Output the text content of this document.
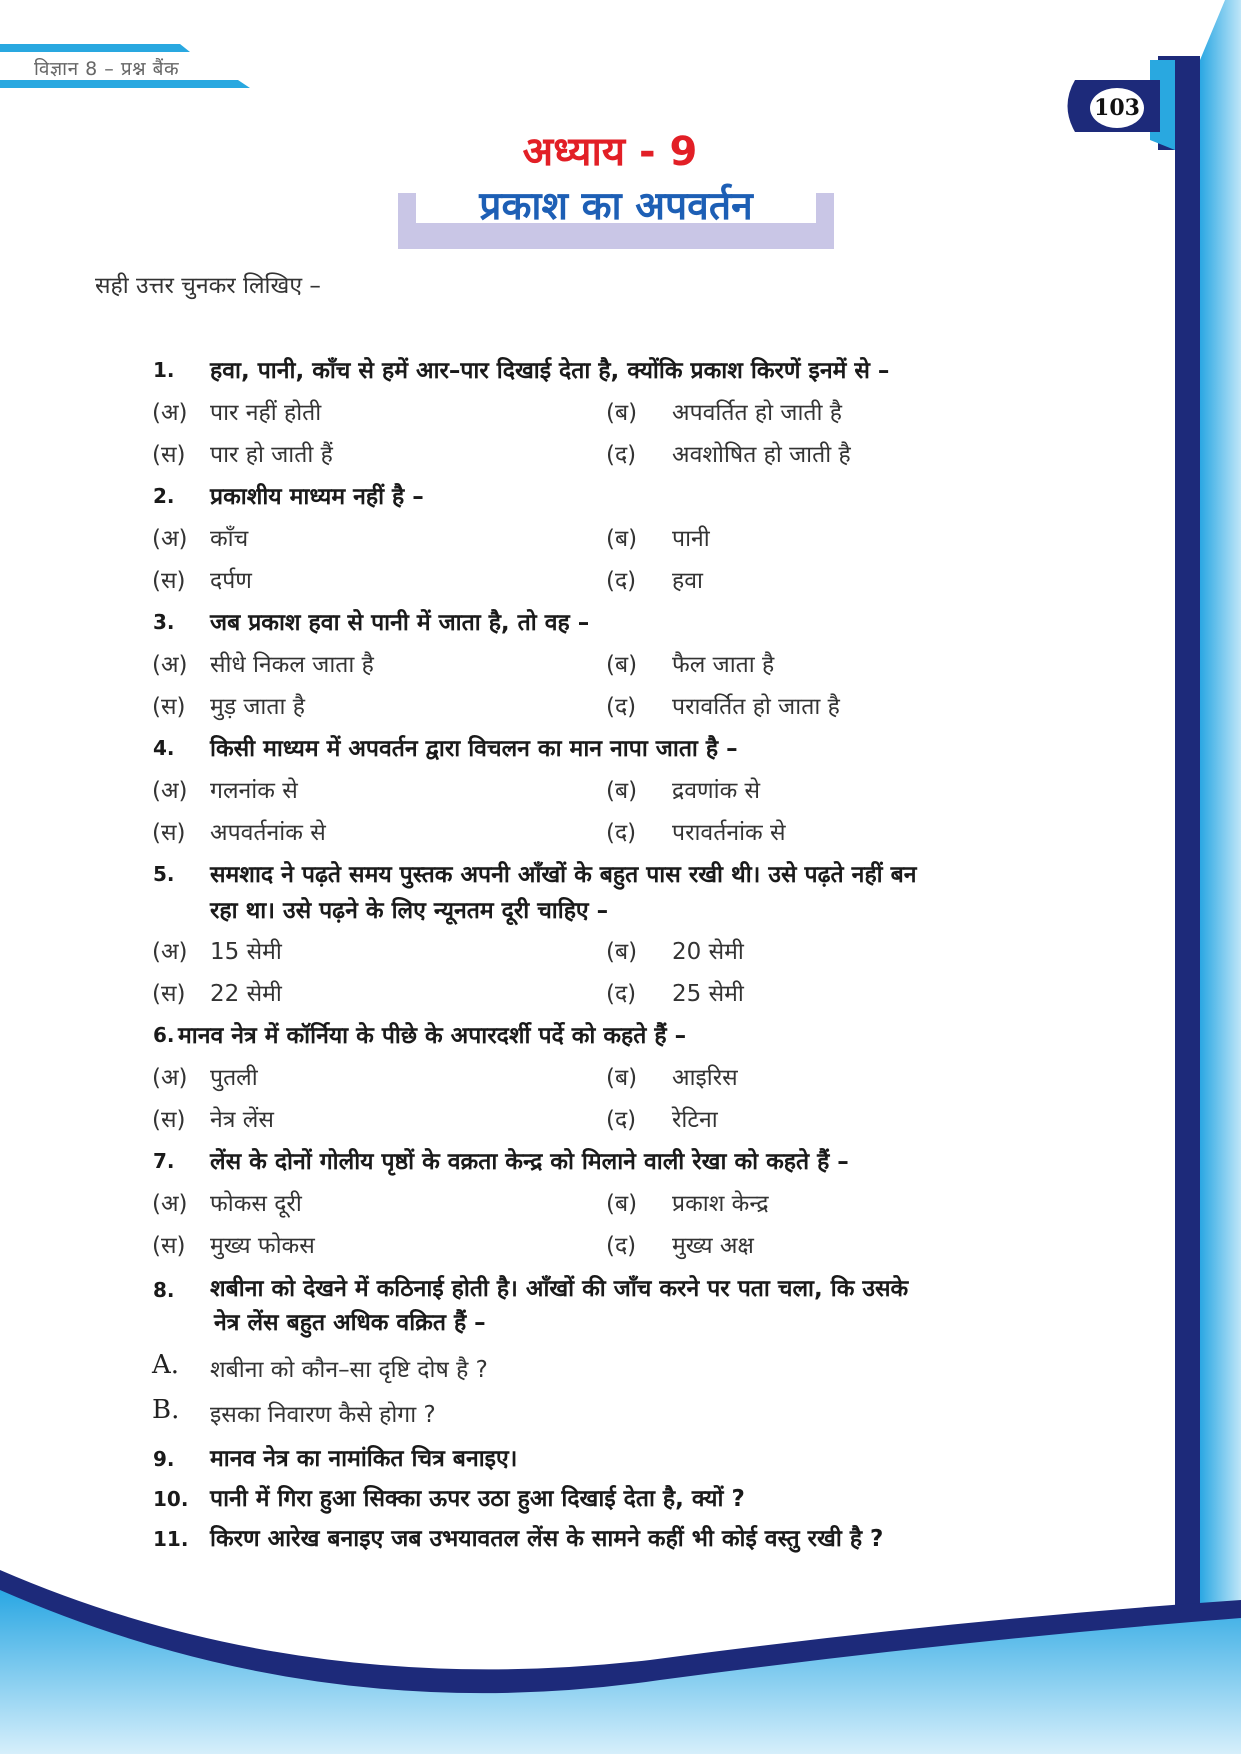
विज्ञान 8 – प्रश्न बैंक
103
अध्याय - 9
प्रकाश का अपवर्तन
सही उत्तर चुनकर लिखिए –
1. हवा, पानी, काँच से हमें आर–पार दिखाई देता है, क्योंकि प्रकाश किरणें इनमें से –
(अ) पार नहीं होती	(ब) अपवर्तित हो जाती है
(स) पार हो जाती हैं	(द) अवशोषित हो जाती है
2. प्रकाशीय माध्यम नहीं है –
(अ) काँच	(ब) पानी
(स) दर्पण	(द) हवा
3. जब प्रकाश हवा से पानी में जाता है, तो वह –
(अ) सीधे निकल जाता है	(ब) फैल जाता है
(स) मुड़ जाता है	(द) परावर्तित हो जाता है
4. किसी माध्यम में अपवर्तन द्वारा विचलन का मान नापा जाता है –
(अ) गलनांक से	(ब) द्रवणांक से
(स) अपवर्तनांक से	(द) परावर्तनांक से
5. समशाद ने पढ़ते समय पुस्तक अपनी आँखों के बहुत पास रखी थी। उसे पढ़ते नहीं बन
रहा था। उसे पढ़ने के लिए न्यूनतम दूरी चाहिए –
(अ) 15 सेमी	(ब) 20 सेमी
(स) 22 सेमी	(द) 25 सेमी
6. मानव नेत्र में कॉर्निया के पीछे के अपारदर्शी पर्दे को कहते हैं –
(अ) पुतली	(ब) आइरिस
(स) नेत्र लेंस	(द) रेटिना
7. लेंस के दोनों गोलीय पृष्ठों के वक्रता केन्द्र को मिलाने वाली रेखा को कहते हैं –
(अ) फोकस दूरी	(ब) प्रकाश केन्द्र
(स) मुख्य फोकस	(द) मुख्य अक्ष
8. शबीना को देखने में कठिनाई होती है। आँखों की जाँच करने पर पता चला, कि उसके
नेत्र लेंस बहुत अधिक वक्रित हैं –
A. शबीना को कौन–सा दृष्टि दोष है ?
B. इसका निवारण कैसे होगा ?
9. मानव नेत्र का नामांकित चित्र बनाइए।
10. पानी में गिरा हुआ सिक्का ऊपर उठा हुआ दिखाई देता है, क्यों ?
11. किरण आरेख बनाइए जब उभयावतल लेंस के सामने कहीं भी कोई वस्तु रखी है ?
